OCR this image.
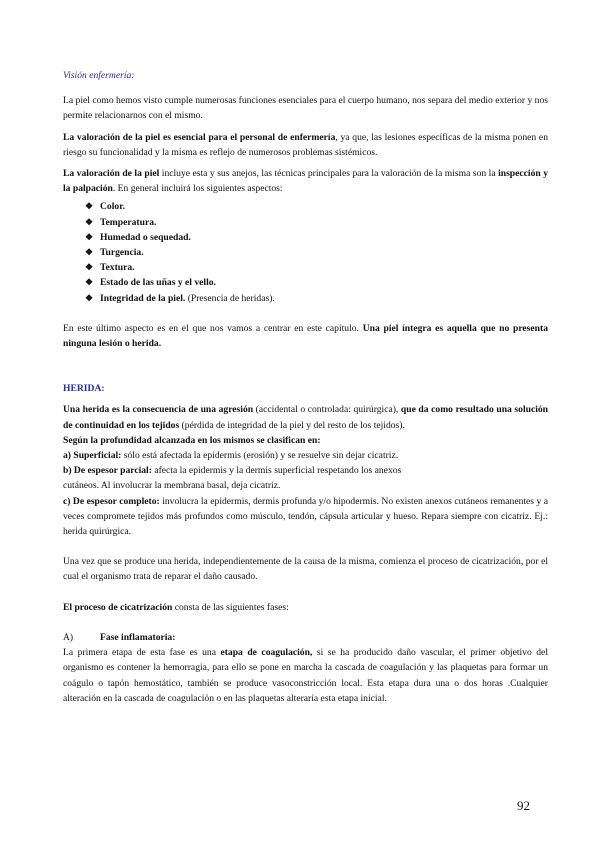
Visión enfermería:

La piel como hemos visto cumple numerosas funciones esenciales para el cuerpo humano, nos separa del medio exterior y nos permite relacionarnos con el mismo.

La valoración de la piel es esencial para el personal de enfermería, ya que, las lesiones específicas de la misma ponen en riesgo su funcionalidad y la misma es reflejo de numerosos problemas sistémicos.

La valoración de la piel incluye esta y sus anejos, las técnicas principales para la valoración de la misma son la inspección y la palpación. En general incluirá los siguientes aspectos:

❖ Color.
❖ Temperatura.
❖ Humedad o sequedad.
❖ Turgencia.
❖ Textura.
❖ Estado de las uñas y el vello.
❖ Integridad de la piel. (Presencia de heridas).

En este último aspecto es en el que nos vamos a centrar en este capítulo. Una piel íntegra es aquella que no presenta ninguna lesión o herida.

HERIDA:

Una herida es la consecuencia de una agresión (accidental o controlada: quirúrgica), que da como resultado una solución de continuidad en los tejidos (pérdida de integridad de la piel y del resto de los tejidos).

Según la profundidad alcanzada en los mismos se clasifican en:

a) Superficial: sólo está afectada la epidermis (erosión) y se resuelve sin dejar cicatriz.

b) De espesor parcial: afecta la epidermis y la dermis superficial respetando los anexos

cutáneos. Al involucrar la membrana basal, deja cicatriz.

c) De espesor completo: involucra la epidermis, dermis profunda y/o hipodermis. No existen anexos cutáneos remanentes y a veces compromete tejidos más profundos como músculo, tendón, cápsula articular y hueso. Repara siempre con cicatriz. Ej.: herida quirúrgica.

Una vez que se produce una herida, independientemente de la causa de la misma, comienza el proceso de cicatrización, por el cual el organismo trata de reparar el daño causado.

El proceso de cicatrización consta de las siguientes fases:

A)	Fase inflamatoria:

La primera etapa de esta fase es una etapa de coagulación, si se ha producido daño vascular, el primer objetivo del organismo es contener la hemorragia, para ello se pone en marcha la cascada de coagulación y las plaquetas para formar un coágulo o tapón hemostático, también se produce vasoconstricción local. Esta etapa dura una o dos horas .Cualquier alteración en la cascada de coagulación o en las plaquetas alteraría esta etapa inicial.

92
